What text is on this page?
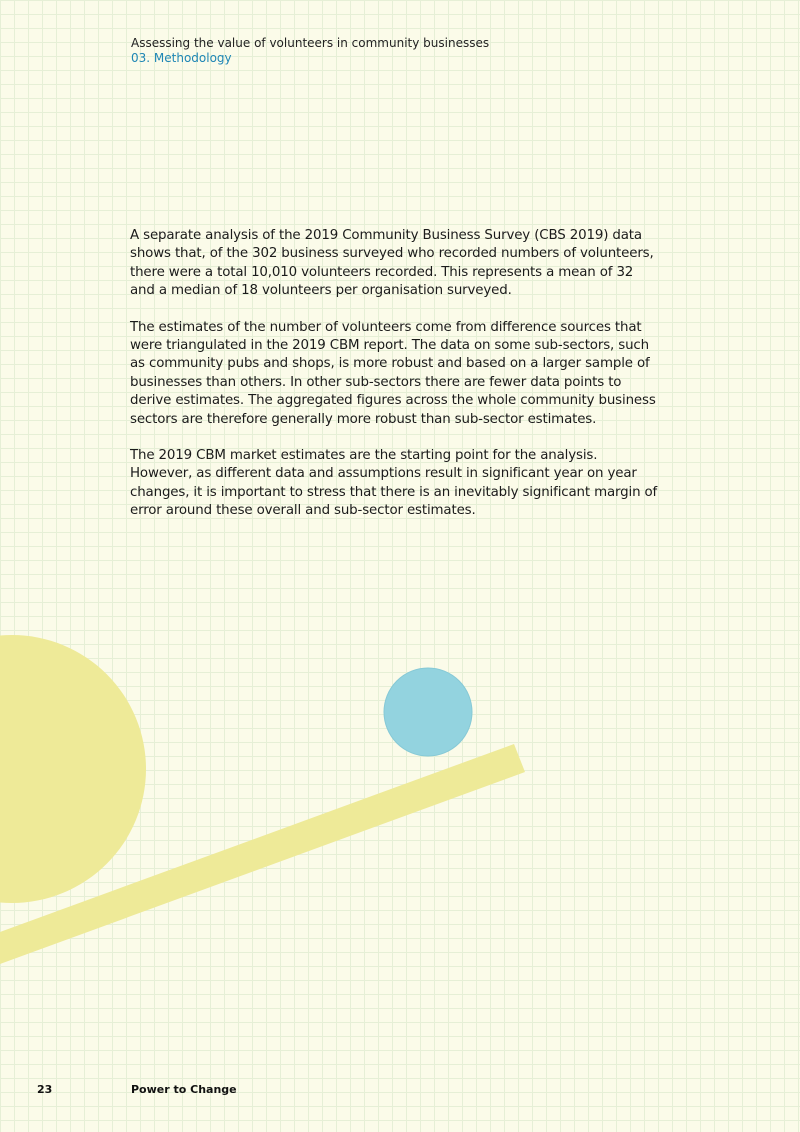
Assessing the value of volunteers in community businesses
03. Methodology

A separate analysis of the 2019 Community Business Survey (CBS 2019) data shows that, of the 302 business surveyed who recorded numbers of volunteers, there were a total 10,010 volunteers recorded. This represents a mean of 32 and a median of 18 volunteers per organisation surveyed.

The estimates of the number of volunteers come from difference sources that were triangulated in the 2019 CBM report. The data on some sub-sectors, such as community pubs and shops, is more robust and based on a larger sample of businesses than others. In other sub-sectors there are fewer data points to derive estimates. The aggregated figures across the whole community business sectors are therefore generally more robust than sub-sector estimates.

The 2019 CBM market estimates are the starting point for the analysis. However, as different data and assumptions result in significant year on year changes, it is important to stress that there is an inevitably significant margin of error around these overall and sub-sector estimates.

23	Power to Change
